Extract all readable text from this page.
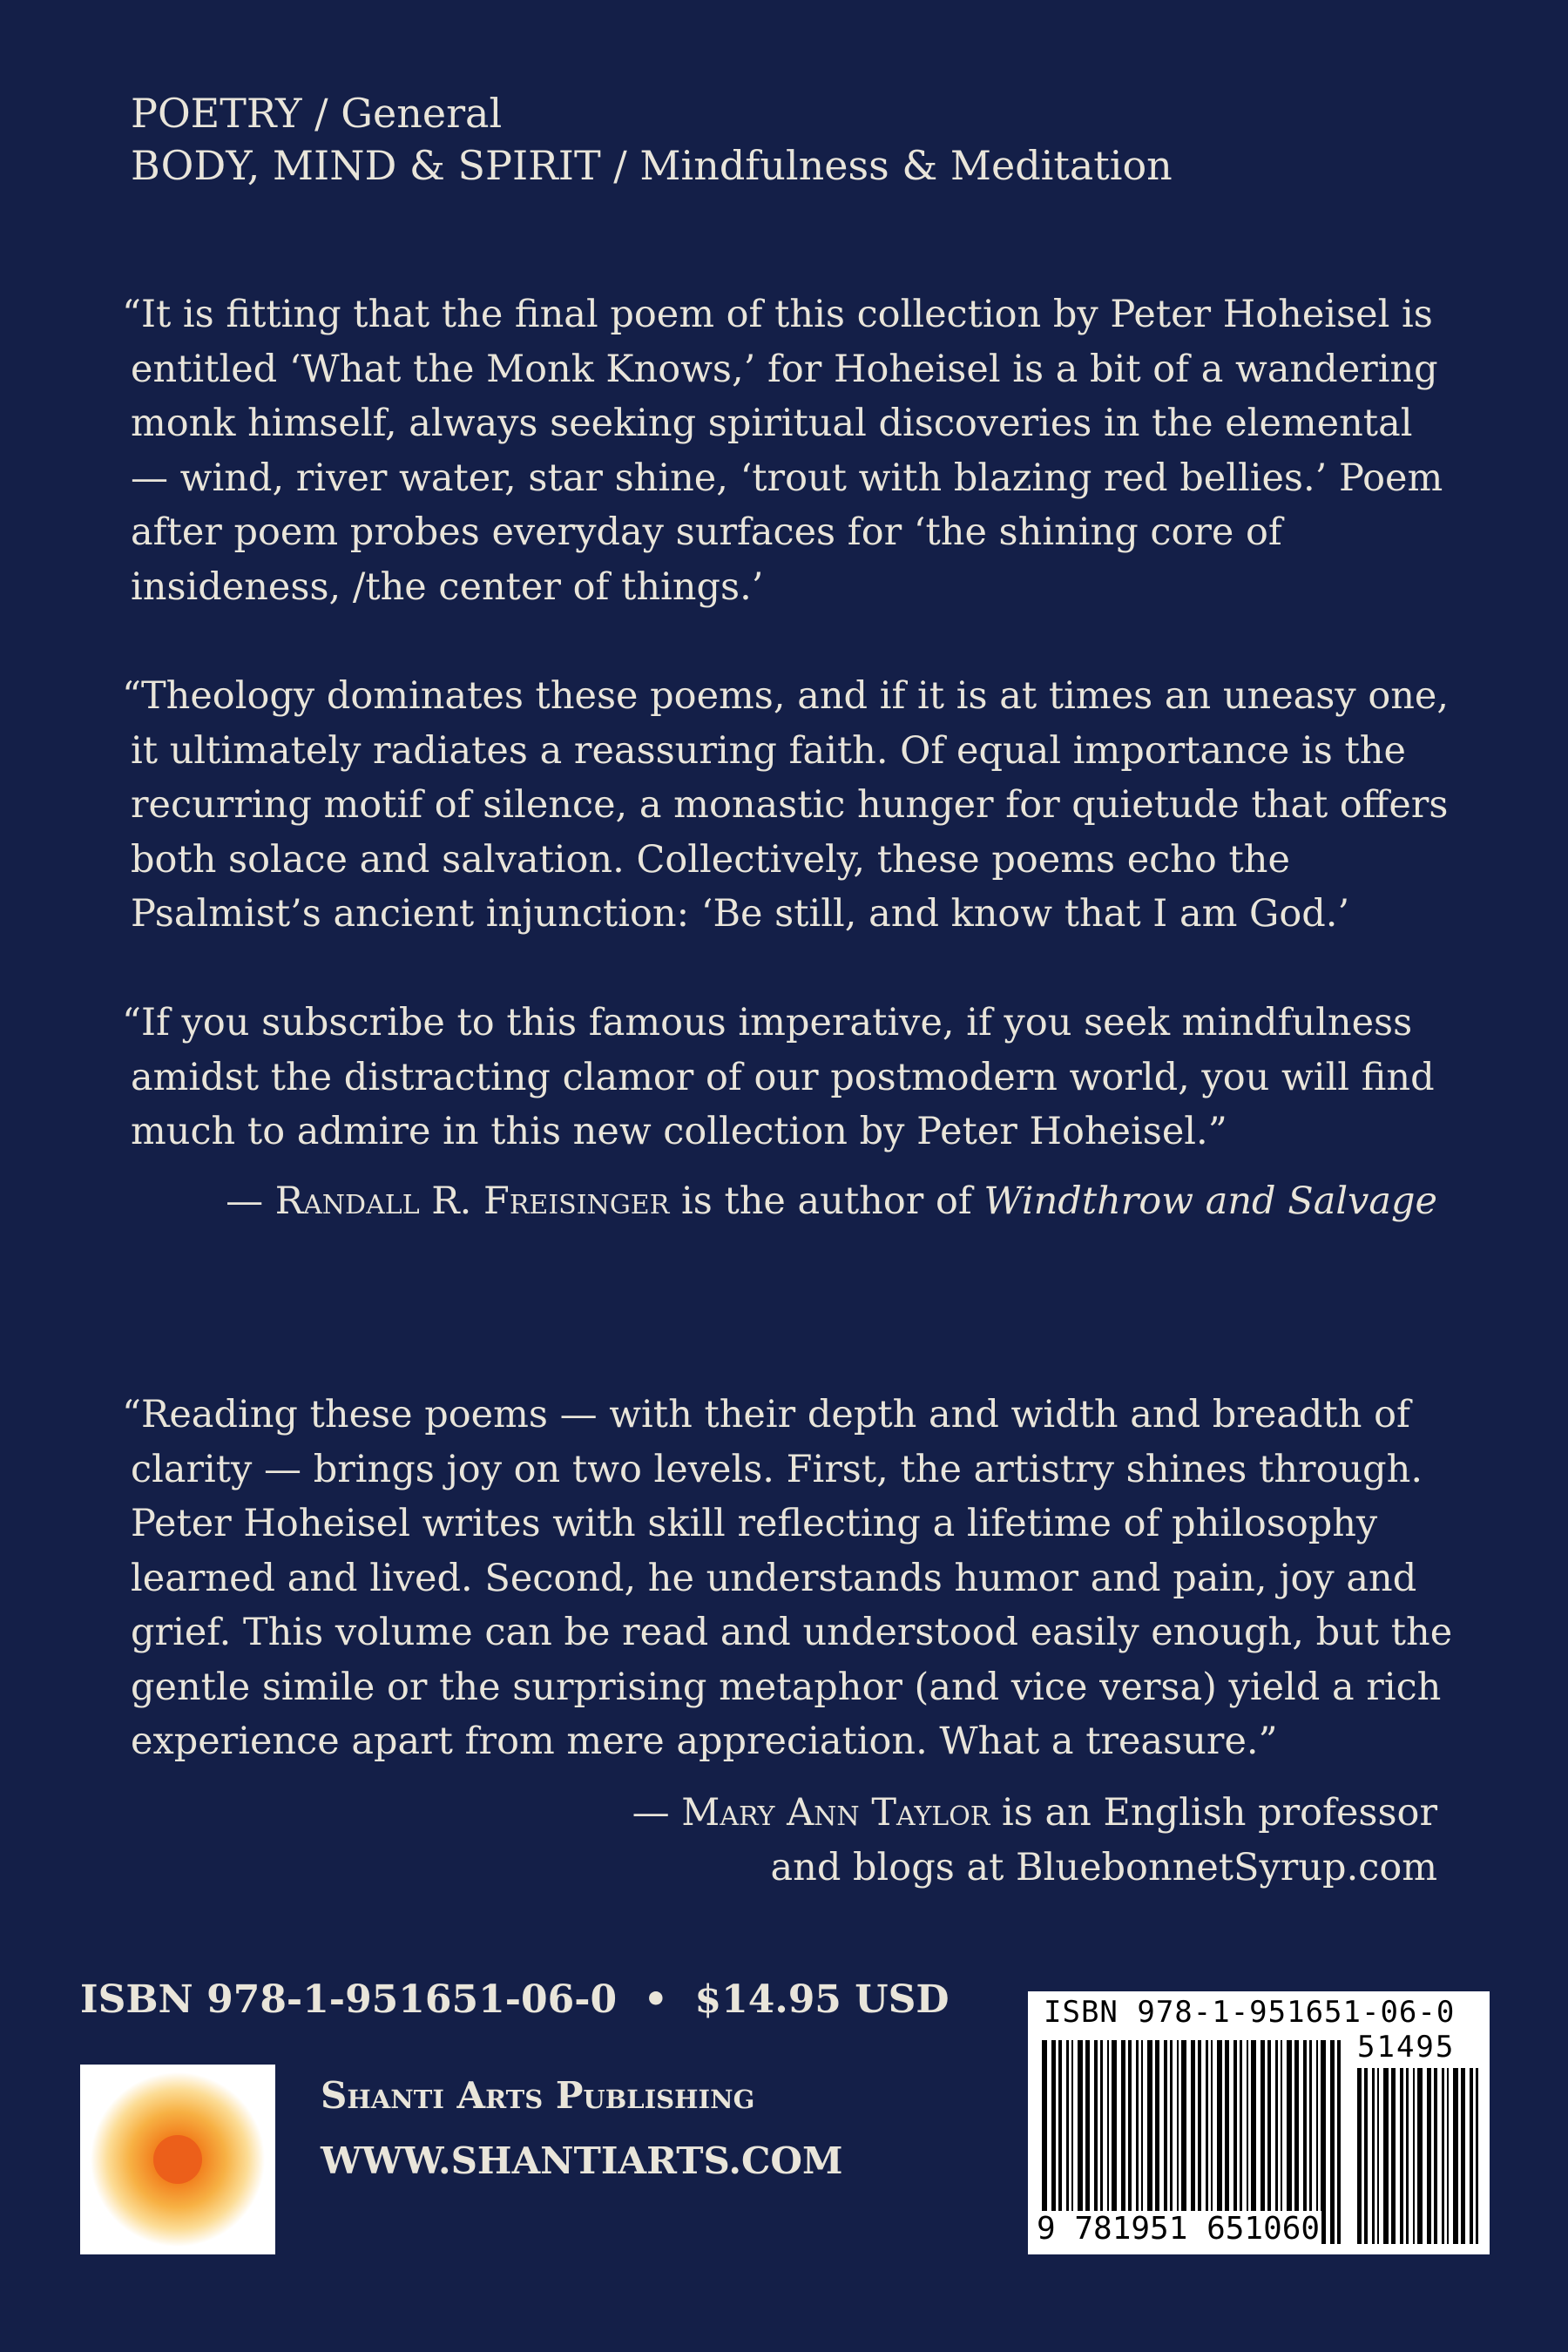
POETRY / General
BODY, MIND & SPIRIT / Mindfulness & Meditation

“It is fitting that the final poem of this collection by Peter Hoheisel is entitled ‘What the Monk Knows,’ for Hoheisel is a bit of a wandering monk himself, always seeking spiritual discoveries in the elemental — wind, river water, star shine, ‘trout with blazing red bellies.’ Poem after poem probes everyday surfaces for ‘the shining core of insideness, /the center of things.’

“Theology dominates these poems, and if it is at times an uneasy one, it ultimately radiates a reassuring faith. Of equal importance is the recurring motif of silence, a monastic hunger for quietude that offers both solace and salvation. Collectively, these poems echo the Psalmist’s ancient injunction: ‘Be still, and know that I am God.’

“If you subscribe to this famous imperative, if you seek mindfulness amidst the distracting clamor of our postmodern world, you will find much to admire in this new collection by Peter Hoheisel.”

— Randall R. Freisinger is the author of Windthrow and Salvage

“Reading these poems — with their depth and width and breadth of clarity — brings joy on two levels. First, the artistry shines through. Peter Hoheisel writes with skill reflecting a lifetime of philosophy learned and lived. Second, he understands humor and pain, joy and grief. This volume can be read and understood easily enough, but the gentle simile or the surprising metaphor (and vice versa) yield a rich experience apart from mere appreciation. What a treasure.”

— Mary Ann Taylor is an English professor
and blogs at BluebonnetSyrup.com
ISBN 978-1-951651-06-0  •  $14.95 USD
Shanti Arts Publishing
WWW.SHANTIARTS.COM
ISBN 978-1-951651-06-0
51495
9 781951 651060
